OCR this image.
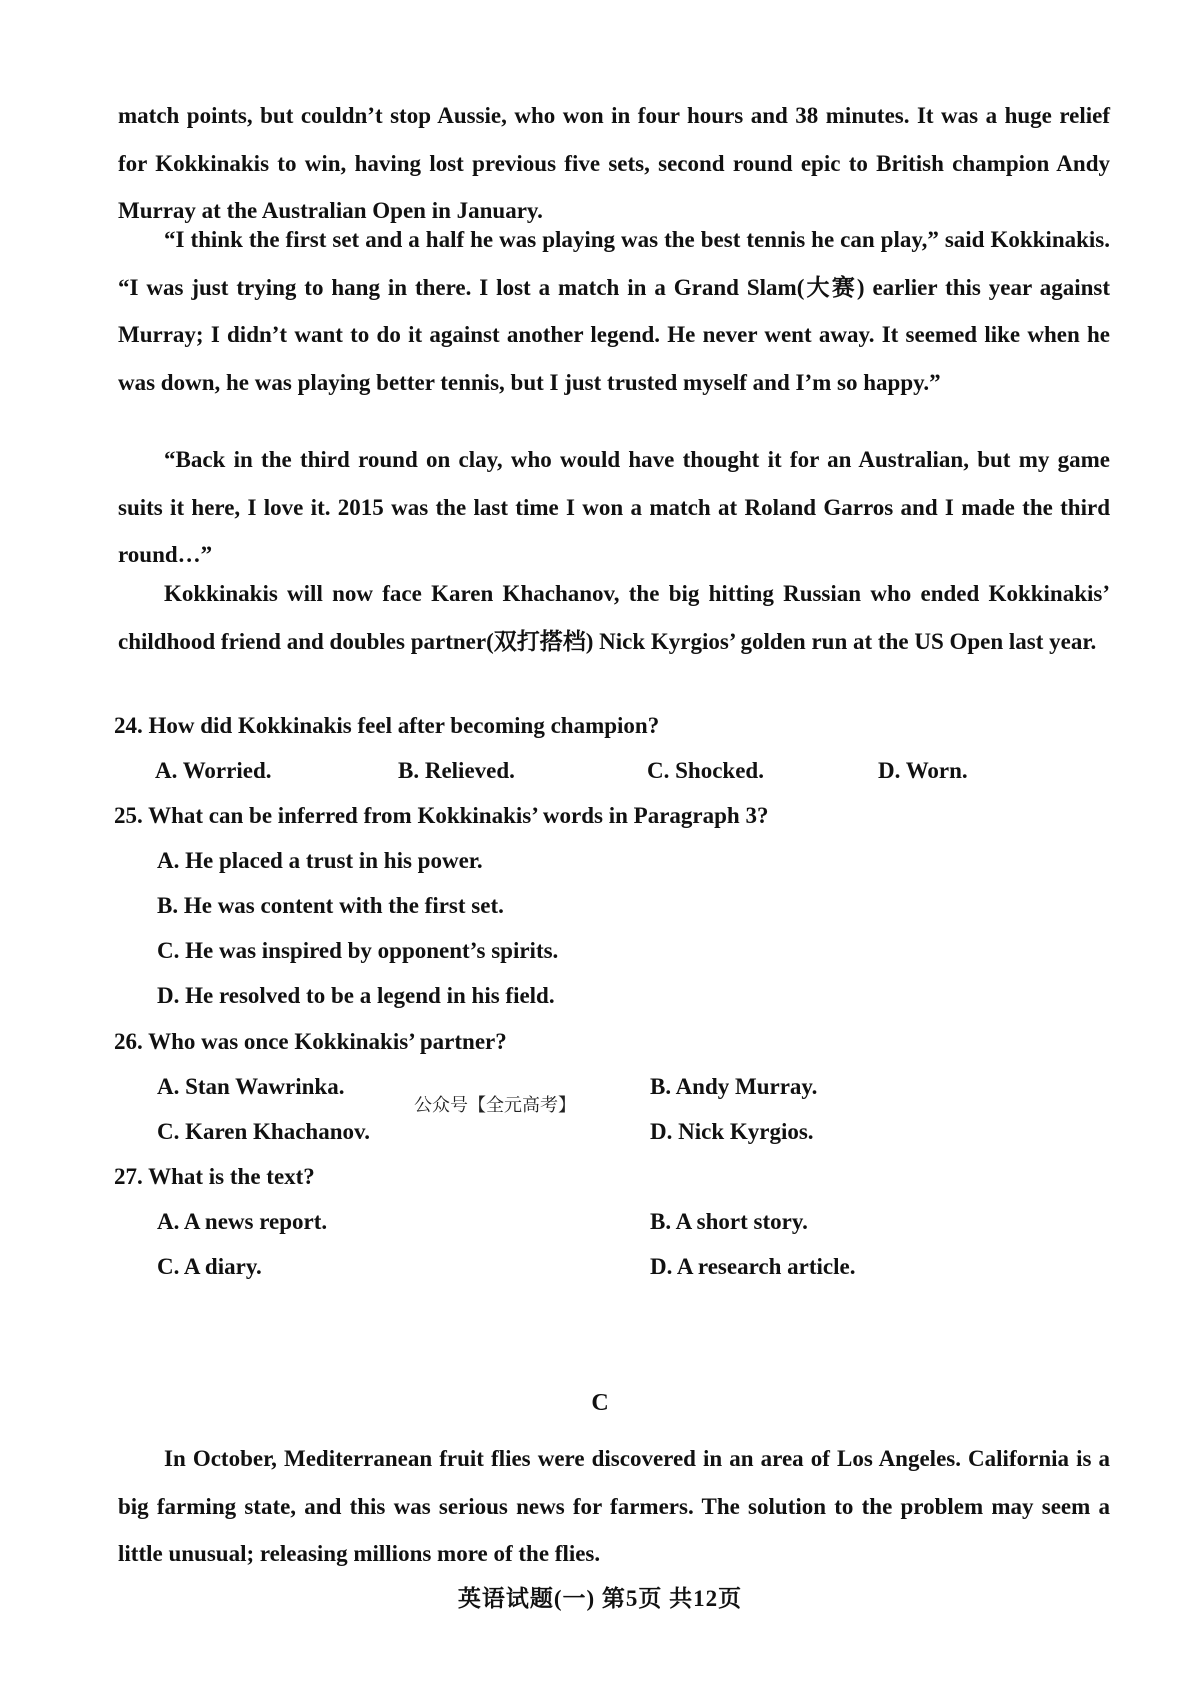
match points, but couldn’t stop Aussie, who won in four hours and 38 minutes. It was a huge relief for Kokkinakis to win, having lost previous five sets, second round epic to British champion Andy Murray at the Australian Open in January.

“I think the first set and a half he was playing was the best tennis he can play,” said Kokkinakis. “I was just trying to hang in there. I lost a match in a Grand Slam(大赛) earlier this year against Murray; I didn’t want to do it against another legend. He never went away. It seemed like when he was down, he was playing better tennis, but I just trusted myself and I’m so happy.”

“Back in the third round on clay, who would have thought it for an Australian, but my game suits it here, I love it. 2015 was the last time I won a match at Roland Garros and I made the third round…”

Kokkinakis will now face Karen Khachanov, the big hitting Russian who ended Kokkinakis’ childhood friend and doubles partner(双打搭档) Nick Kyrgios’ golden run at the US Open last year.

24. How did Kokkinakis feel after becoming champion?

A. Worried.	B. Relieved.	C. Shocked.	D. Worn.

25. What can be inferred from Kokkinakis’ words in Paragraph 3?

A. He placed a trust in his power.

B. He was content with the first set.

C. He was inspired by opponent’s spirits.

D. He resolved to be a legend in his field.

26. Who was once Kokkinakis’ partner?

公众号【全元高考】

A. Stan Wawrinka.	B. Andy Murray.

C. Karen Khachanov.	D. Nick Kyrgios.

27. What is the text?

A. A news report.	B. A short story.

C. A diary.	D. A research article.

C

In October, Mediterranean fruit flies were discovered in an area of Los Angeles. California is a big farming state, and this was serious news for farmers. The solution to the problem may seem a little unusual; releasing millions more of the flies.

英语试题(一) 第5页 共12页
